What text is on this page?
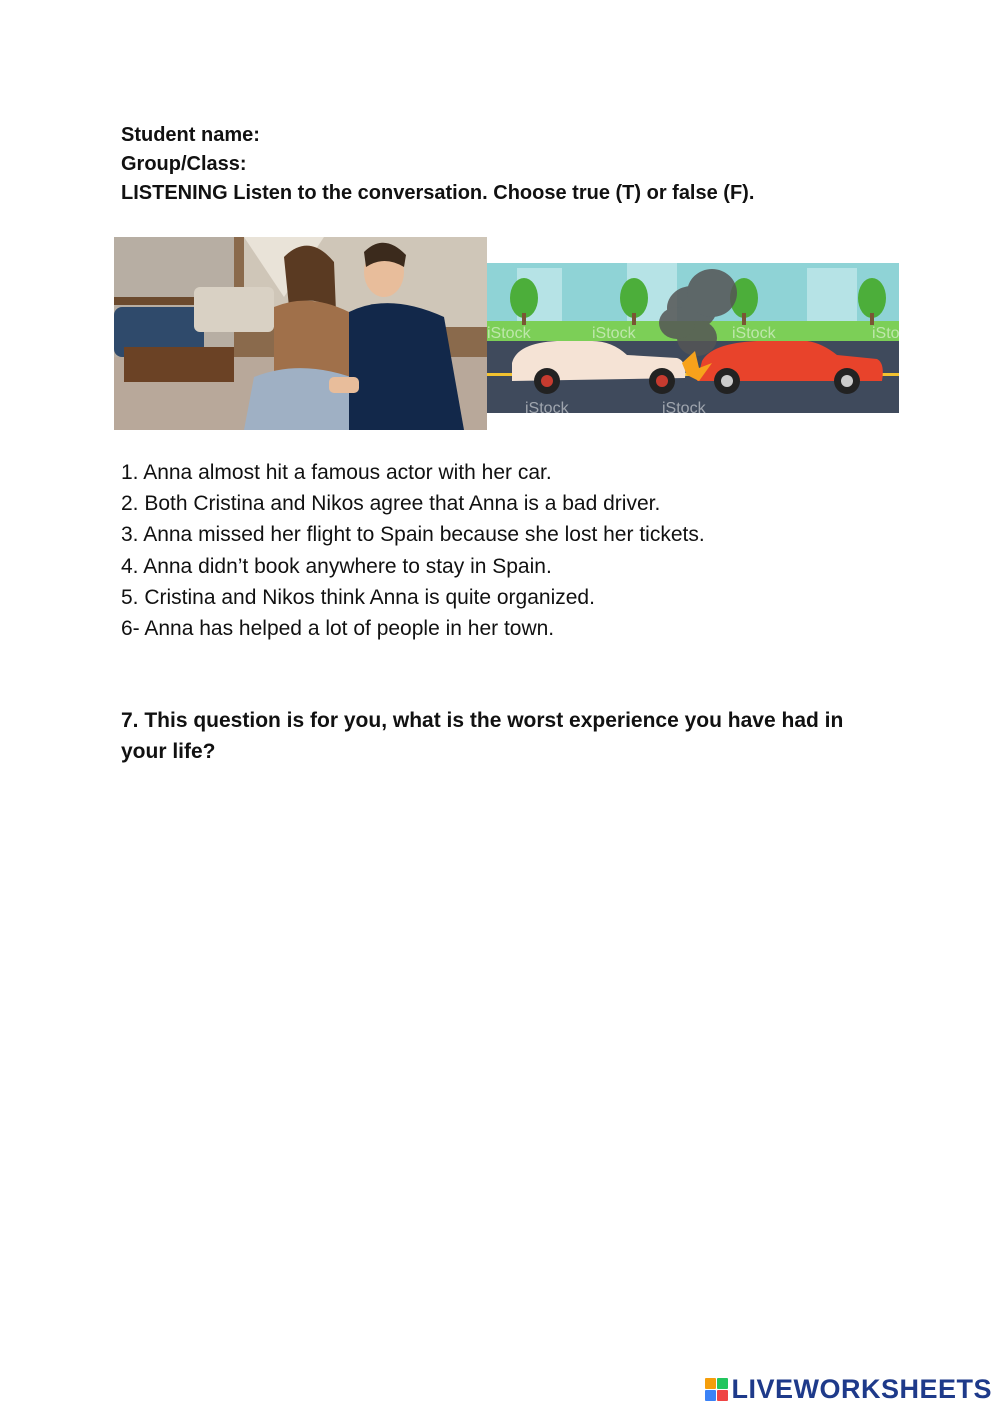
Student name:
Group/Class:
LISTENING Listen to the conversation. Choose true (T) or false (F).
iStock	iStock	iStock	iStock
iStock	iStock
1. Anna almost hit a famous actor with her car.
2. Both Cristina and Nikos agree that Anna is a bad driver.
3. Anna missed her flight to Spain because she lost her tickets.
4. Anna didn’t book anywhere to stay in Spain.
5. Cristina and Nikos think Anna is quite organized.
6- Anna has helped a lot of people in her town.
7. This question is for you, what is the worst experience you have had in your life?
LIVEWORKSHEETS
